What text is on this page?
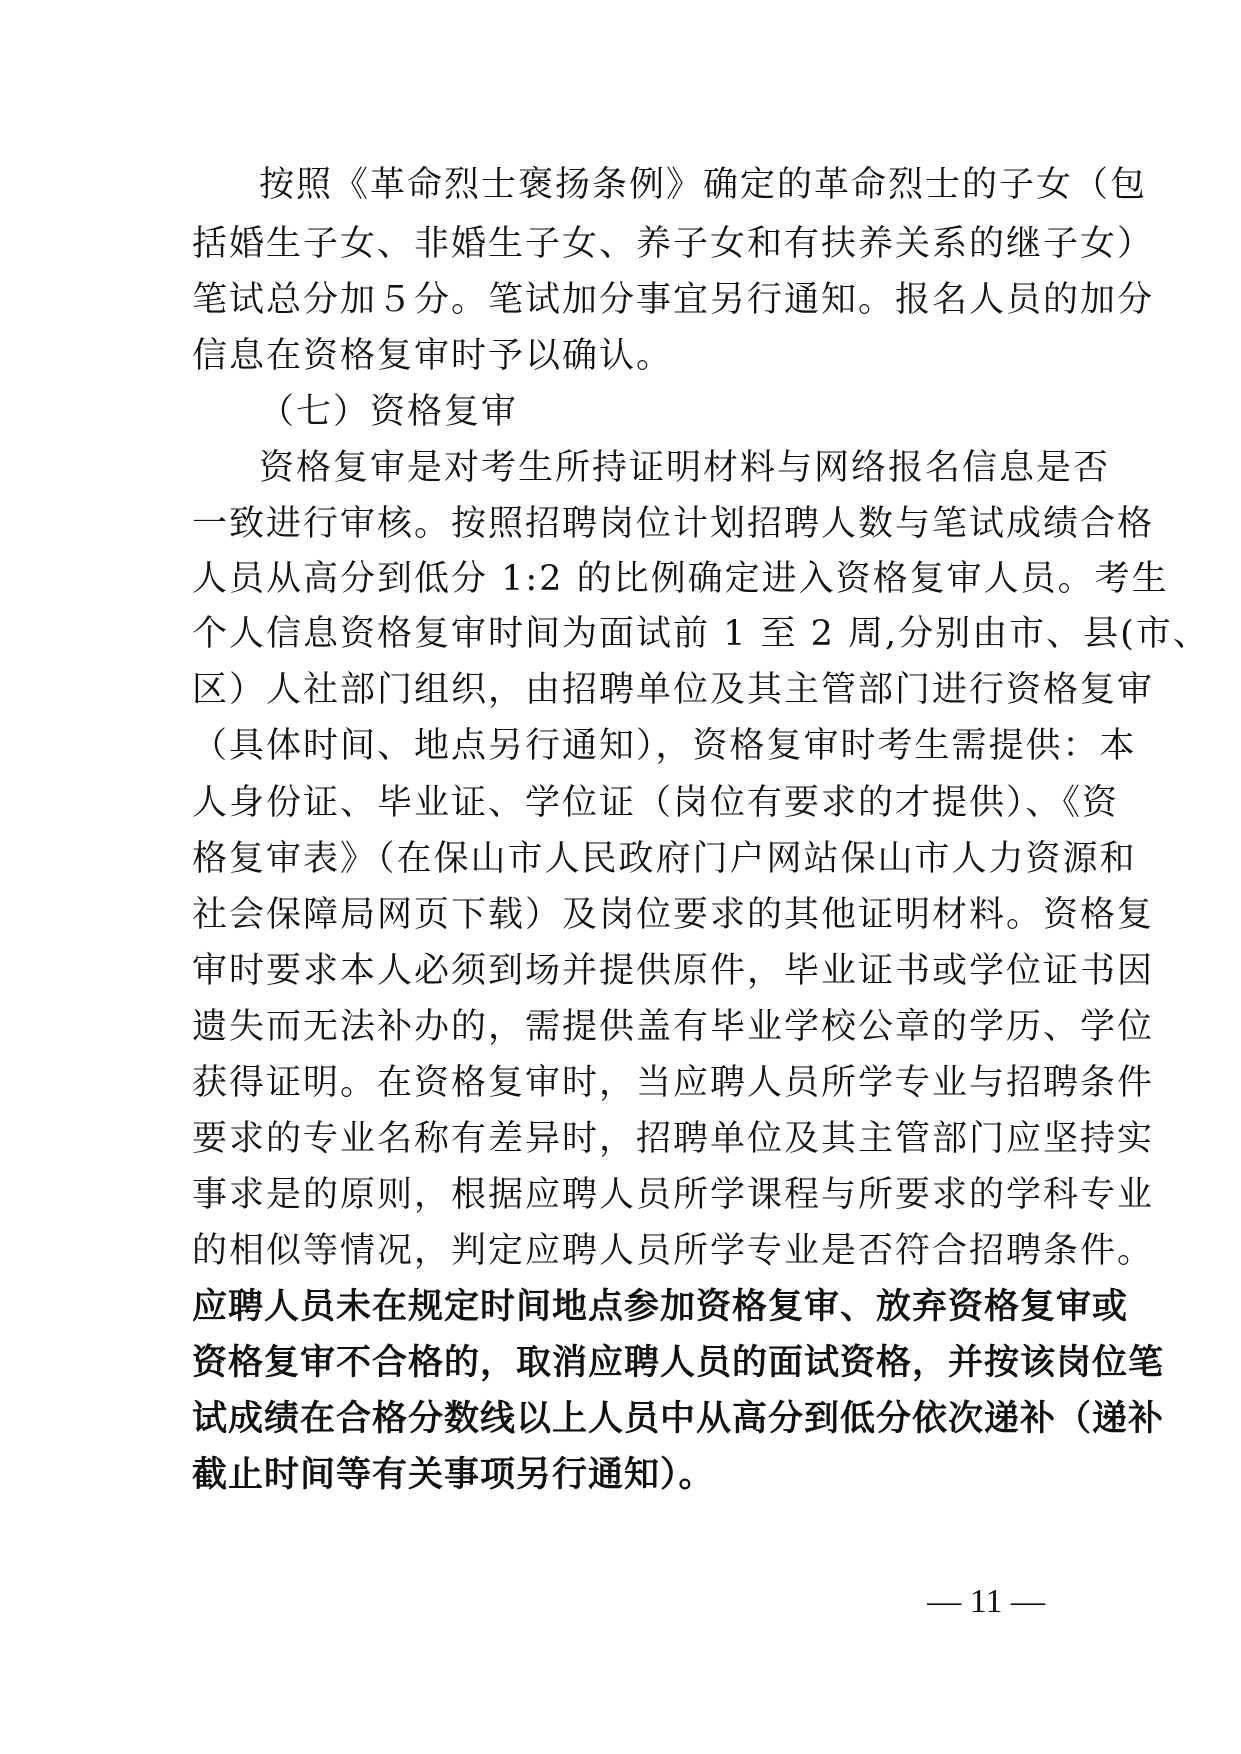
按照《革命烈士褒扬条例》确定的革命烈士的子女（包
括婚生子女、非婚生子女、养子女和有扶养关系的继子女）
笔试总分加５分。笔试加分事宜另行通知。报名人员的加分
信息在资格复审时予以确认。
（七）资格复审
资格复审是对考生所持证明材料与网络报名信息是否
一致进行审核。按照招聘岗位计划招聘人数与笔试成绩合格
人员从高分到低分 1:2 的比例确定进入资格复审人员。考生
个人信息资格复审时间为面试前 1 至 2 周,分别由市、县(市、
区）人社部门组织，由招聘单位及其主管部门进行资格复审
（具体时间、地点另行通知），资格复审时考生需提供：本
人身份证、毕业证、学位证（岗位有要求的才提供）、《资
格复审表》（在保山市人民政府门户网站保山市人力资源和
社会保障局网页下载）及岗位要求的其他证明材料。资格复
审时要求本人必须到场并提供原件，毕业证书或学位证书因
遗失而无法补办的，需提供盖有毕业学校公章的学历、学位
获得证明。在资格复审时，当应聘人员所学专业与招聘条件
要求的专业名称有差异时，招聘单位及其主管部门应坚持实
事求是的原则，根据应聘人员所学课程与所要求的学科专业
的相似等情况，判定应聘人员所学专业是否符合招聘条件。
应聘人员未在规定时间地点参加资格复审、放弃资格复审或
资格复审不合格的，取消应聘人员的面试资格，并按该岗位笔
试成绩在合格分数线以上人员中从高分到低分依次递补（递补
截止时间等有关事项另行通知）。
— 11 —
